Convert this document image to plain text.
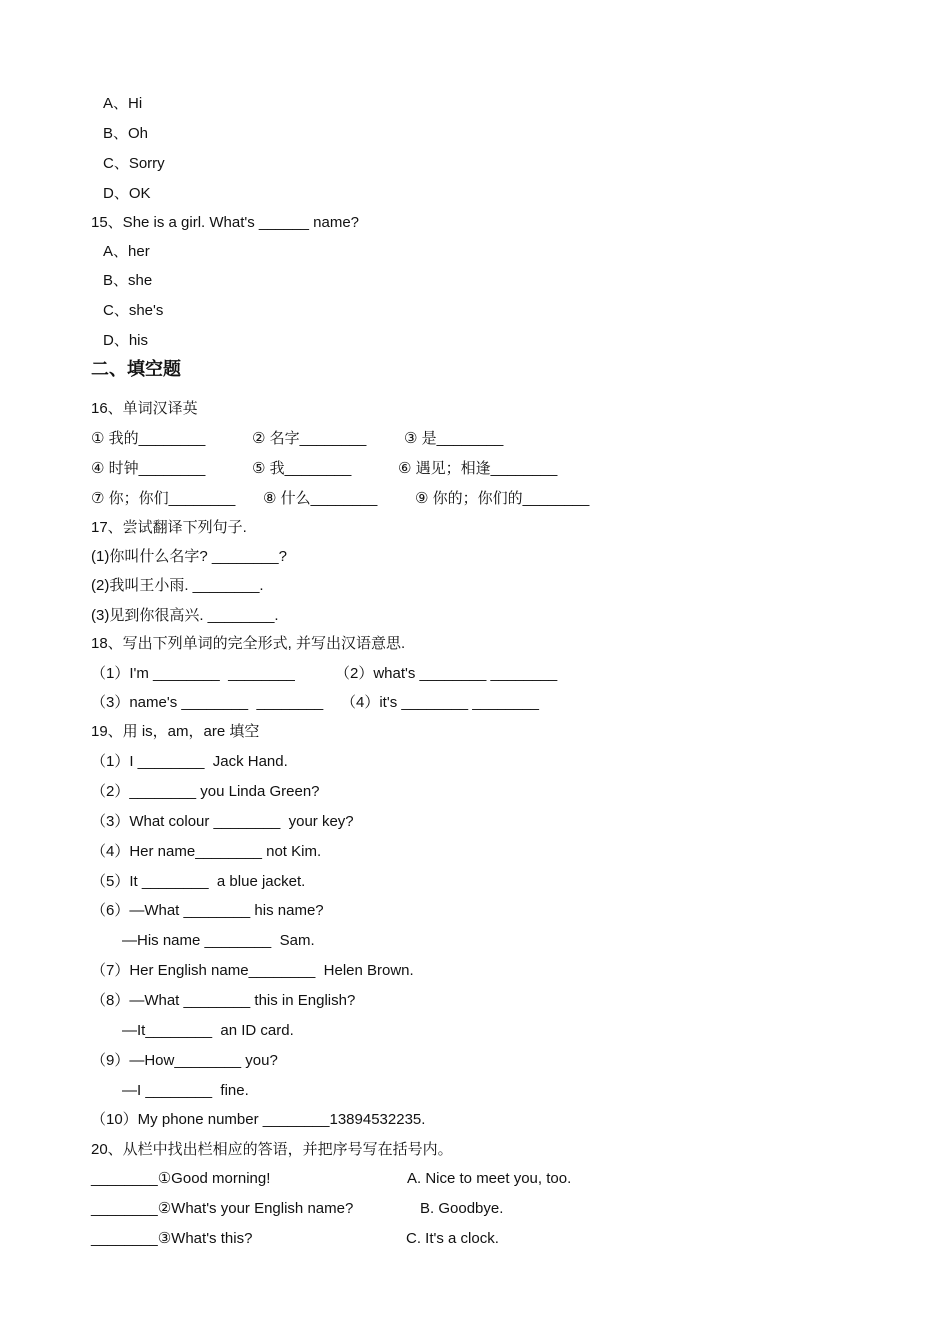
A、Hi
B、Oh
C、Sorry
D、OK
15、She is a girl. What's ______ name?
A、her
B、she
C、she's
D、his
二、填空题
16、单词汉译英
① 我的________	② 名字________	③ 是________
④ 时钟________	⑤ 我________	⑥ 遇见；相逢________
⑦ 你；你们________ ⑧ 什么________	⑨ 你的；你们的________
17、尝试翻译下列句子.
(1)你叫什么名字? ________?
(2)我叫王小雨. ________.
(3)见到你很高兴. ________.
18、写出下列单词的完全形式, 并写出汉语意思.
（1）I'm ________  ________	（2）what's ________ ________
（3）name's ________  ________ （4）it's ________ ________
19、用 is，am，are 填空
（1）I ________  Jack Hand.
（2）________ you Linda Green?
（3）What colour ________  your key?
（4）Her name________ not Kim.
（5）It ________  a blue jacket.
（6）—What ________ his name?
—His name ________  Sam.
（7）Her English name________  Helen Brown.
（8）—What ________ this in English?
—It________  an ID card.
（9）—How________ you?
—I ________  fine.
（10）My phone number ________13894532235.
20、从栏中找出栏相应的答语，并把序号写在括号内。
________①Good morning!	A. Nice to meet you, too.
________②What's your English name?	B. Goodbye.
________③What's this?	C. It's a clock.
